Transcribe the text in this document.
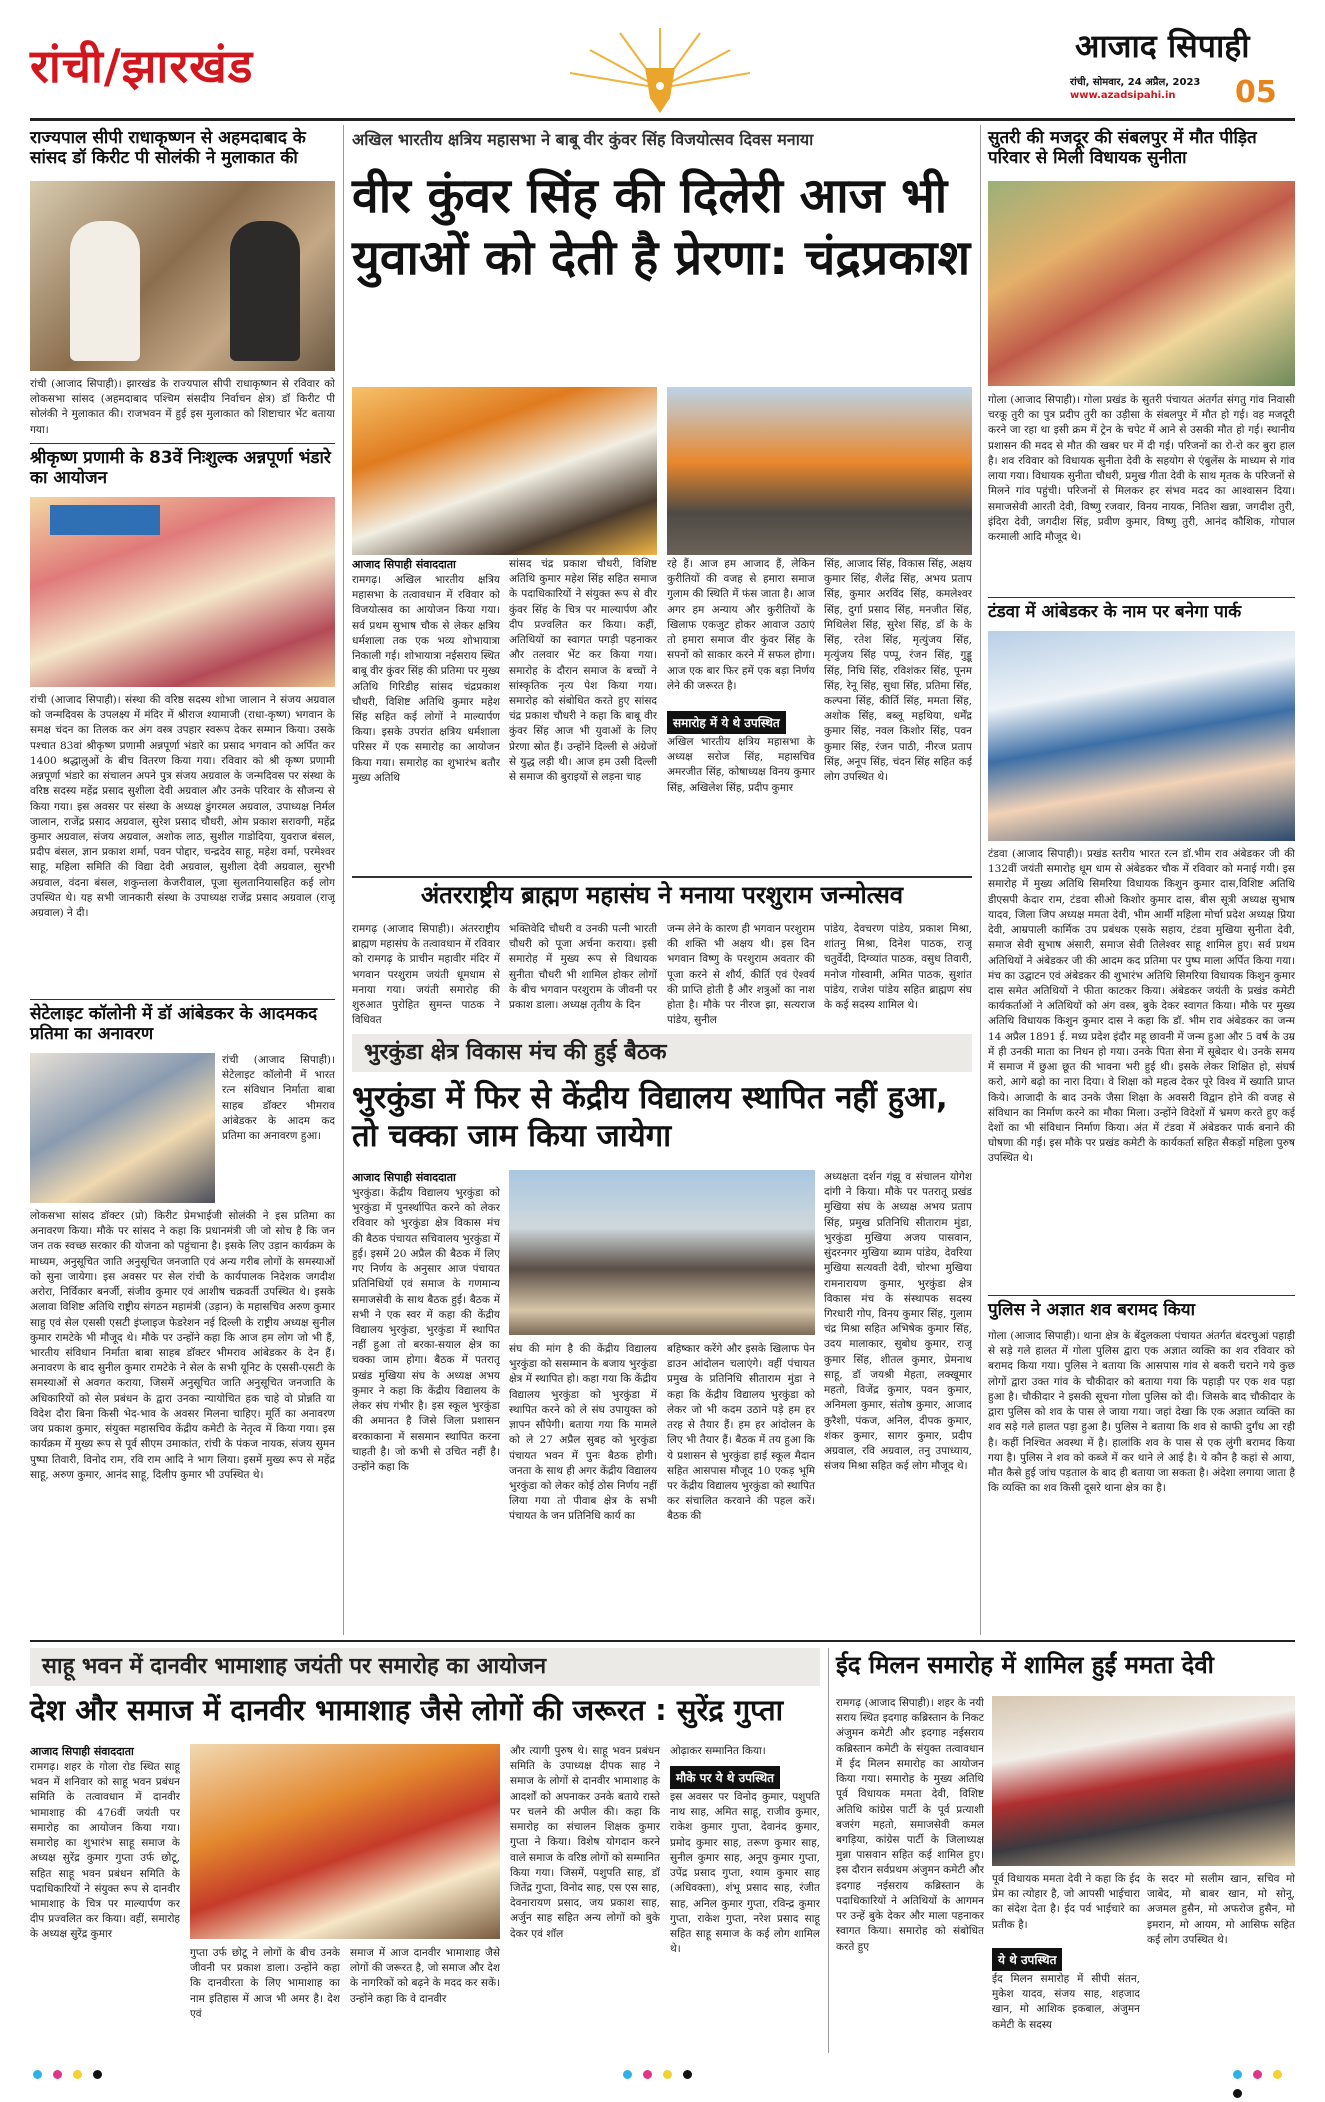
रांची/झारखंड	आजाद सिपाही
रांची, सोमवार, 24 अप्रैल, 2023
www.azadsipahi.in 05
राज्यपाल सीपी राधाकृष्णन से अहमदाबाद के सांसद डॉ किरीट पी सोलंकी ने मुलाकात की
रांची (आजाद सिपाही)। झारखंड के राज्यपाल सीपी राधाकृष्णन से रविवार को लोकसभा सांसद (अहमदाबाद पश्चिम संसदीय निर्वाचन क्षेत्र) डॉ किरीट पी सोलंकी ने मुलाकात की। राजभवन में हुई इस मुलाकात को शिष्टाचार भेंट बताया गया।
श्रीकृष्ण प्रणामी के 83वें निःशुल्क अन्नपूर्णा भंडारे का आयोजन
रांची (आजाद सिपाही)। संस्था की वरिष्ठ सदस्य शोभा जालान ने संजय अग्रवाल को जन्मदिवस के उपलक्ष्य में मंदिर में श्रीराज श्यामाजी (राधा-कृष्ण) भगवान के समक्ष चंदन का तिलक कर अंग वस्त्र उपहार स्वरूप देकर सम्मान किया। उसके पश्चात 83वां श्रीकृष्ण प्रणामी अन्नपूर्णा भंडारे का प्रसाद भगवान को अर्पित कर 1400 श्रद्धालुओं के बीच वितरण किया गया। रविवार को श्री कृष्ण प्रणामी अन्नपूर्णा भंडारे का संचालन अपने पुत्र संजय अग्रवाल के जन्मदिवस पर संस्था के वरिष्ठ सदस्य महेंद्र प्रसाद सुशीला देवी अग्रवाल और उनके परिवार के सौजन्य से किया गया। इस अवसर पर संस्था के अध्यक्ष डुंगरमल अग्रवाल, उपाध्यक्ष निर्मल जालान, राजेंद्र प्रसाद अग्रवाल, सुरेश प्रसाद चौधरी, ओम प्रकाश सरावगी, महेंद्र कुमार अग्रवाल, संजय अग्रवाल, अशोक लाठ, सुशील गाडोदिया, युवराज बंसल, प्रदीप बंसल, ज्ञान प्रकाश शर्मा, पवन पोद्दार, चन्द्रदेव साहू, महेश वर्मा, परमेश्वर साहू, महिला समिति की विद्या देवी अग्रवाल, सुशीला देवी अग्रवाल, सुरभी अग्रवाल, वंदना बंसल, शकुन्तला केजरीवाल, पूजा सुलतानियासहित कई लोग उपस्थित थे। यह सभी जानकारी संस्था के उपाध्यक्ष राजेंद्र प्रसाद अग्रवाल (राजू अग्रवाल) ने दी।
सेटेलाइट कॉलोनी में डॉ आंबेडकर के आदमकद प्रतिमा का अनावरण
रांची (आजाद सिपाही)। सेटेलाइट कॉलोनी में भारत रत्न संविधान निर्माता बाबा साहब डॉक्टर भीमराव आंबेडकर के आदम कद प्रतिमा का अनावरण हुआ।
लोकसभा सांसद डॉक्टर (प्रो) किरीट प्रेमभाईजी सोलंकी ने इस प्रतिमा का अनावरण किया। मौके पर सांसद ने कहा कि प्रधानमंत्री जी जो सोच है कि जन जन तक स्वच्छ सरकार की योजना को पहुंचाना है। इसके लिए उड़ान कार्यक्रम के माध्यम, अनुसूचित जाति अनुसूचित जनजाति एवं अन्य गरीब लोगों के समस्याओं को सुना जायेगा। इस अवसर पर सेल रांची के कार्यपालक निदेशक जगदीश अरोरा, निर्विकार बनर्जी, संजीव कुमार एवं आशीष चक्रवर्ती उपस्थित थे। इसके अलावा विशिष्ट अतिथि राष्ट्रीय संगठन महामंत्री (उड़ान) के महासचिव अरुण कुमार साहु एवं सेल एससी एसटी इंप्लाइज फेडरेशन नई दिल्ली के राष्ट्रीय अध्यक्ष सुनील कुमार रामटेके भी मौजूद थे। मौके पर उन्होंने कहा कि आज हम लोग जो भी हैं, भारतीय संविधान निर्माता बाबा साहब डॉक्टर भीमराव आंबेडकर के देन हैं। अनावरण के बाद सुनील कुमार रामटेके ने सेल के सभी यूनिट के एससी-एसटी के समस्याओं से अवगत कराया, जिसमें अनुसूचित जाति अनुसूचित जनजाति के अधिकारियों को सेल प्रबंधन के द्वारा उनका न्यायोचित हक चाहे वो प्रोन्नति या विदेश दौरा बिना किसी भेद-भाव के अवसर मिलना चाहिए। मूर्ति का अनावरण जय प्रकाश कुमार, संयुक्त महासचिव केंद्रीय कमेटी के नेतृत्व में किया गया। इस कार्यक्रम में मुख्य रूप से पूर्व सीएम उमाकांत, रांची के पंकज नायक, संजय सुमन पुष्पा तिवारी, विनोद राम, रवि राम आदि ने भाग लिया। इसमें मुख्य रूप से महेंद्र साहू, अरुण कुमार, आनंद साहू, दिलीप कुमार भी उपस्थित थे।
अखिल भारतीय क्षत्रिय महासभा ने बाबू वीर कुंवर सिंह विजयोत्सव दिवस मनाया
वीर कुंवर सिंह की दिलेरी आज भी युवाओं को देती है प्रेरणा: चंद्रप्रकाश
आजाद सिपाही संवाददाता
रामगढ़। अखिल भारतीय क्षत्रिय महासभा के तत्वावधान में रविवार को विजयोत्सव का आयोजन किया गया। सर्व प्रथम सुभाष चौक से लेकर क्षत्रिय धर्मशाला तक एक भव्य शोभायात्रा निकाली गई। शोभायात्रा नईसराय स्थित बाबू वीर कुंवर सिंह की प्रतिमा पर मुख्य अतिथि गिरिडीह सांसद चंद्रप्रकाश चौधरी, विशिष्ट अतिथि कुमार महेश सिंह सहित कई लोगों ने माल्यार्पण किया। इसके उपरांत क्षत्रिय धर्मशाला परिसर में एक समारोह का आयोजन किया गया। समारोह का शुभारंभ बतौर मुख्य अतिथि
सांसद चंद्र प्रकाश चौधरी, विशिष्ट अतिथि कुमार महेश सिंह सहित समाज के पदाधिकारियों ने संयुक्त रूप से वीर कुंवर सिंह के चित्र पर माल्यार्पण और दीप प्रज्वलित कर किया। कहीं, अतिथियों का स्वागत पगड़ी पहनाकर और तलवार भेंट कर किया गया। समारोह के दौरान समाज के बच्चों ने सांस्कृतिक नृत्य पेश किया गया। समारोह को संबोधित करते हुए सांसद चंद्र प्रकाश चौधरी ने कहा कि बाबू वीर कुंवर सिंह आज भी युवाओं के लिए प्रेरणा स्रोत हैं। उन्होंने दिल्ली से अंग्रेजों से युद्ध लड़ी थी। आज हम उसी दिल्ली से समाज की बुराइयों से लड़ना चाह
रहे हैं। आज हम आजाद हैं, लेकिन कुरीतियों की वजह से हमारा समाज गुलाम की स्थिति में फंस जाता है। आज अगर हम अन्याय और कुरीतियों के खिलाफ एकजुट होकर आवाज उठाएं तो हमारा समाज वीर कुंवर सिंह के सपनों को साकार करने में सफल होगा। आज एक बार फिर हमें एक बड़ा निर्णय लेने की जरूरत है।
समारोह में ये थे उपस्थित
अखिल भारतीय क्षत्रिय महासभा के अध्यक्ष सरोज सिंह, महासचिव अमरजीत सिंह, कोषाध्यक्ष विनय कुमार सिंह, अखिलेश सिंह, प्रदीप कुमार
सिंह, आजाद सिंह, विकास सिंह, अक्षय कुमार सिंह, शैलेंद्र सिंह, अभय प्रताप सिंह, कुमार अरविंद सिंह, कमलेश्वर सिंह, दुर्गा प्रसाद सिंह, मनजीत सिंह, मिथिलेश सिंह, सुरेश सिंह, डॉ के के सिंह, रतेश सिंह, मृत्युंजय सिंह, मृत्युंजय सिंह पप्पू, रंजन सिंह, गुड्डू सिंह, निधि सिंह, रविशंकर सिंह, पूनम सिंह, रेनू सिंह, सुधा सिंह, प्रतिमा सिंह, कल्पना सिंह, कीर्ति सिंह, ममता सिंह, अशोक सिंह, बब्लू महथिया, धर्मेंद्र कुमार सिंह, नवल किशोर सिंह, पवन कुमार सिंह, रंजन पाठी, नीरज प्रताप सिंह, अनूप सिंह, चंदन सिंह सहित कई लोग उपस्थित थे।
अंतरराष्ट्रीय ब्राह्मण महासंघ ने मनाया परशुराम जन्मोत्सव
रामगढ़ (आजाद सिपाही)। अंतरराष्ट्रीय ब्राह्मण महासंघ के तत्वावधान में रविवार को रामगढ़ के प्राचीन महावीर मंदिर में भगवान परशुराम जयंती धूमधाम से मनाया गया। जयंती समारोह की शुरुआत पुरोहित सुमन्त पाठक ने विधिवत
भक्तिवेदि चौधरी व उनकी पत्नी भारती चौधरी को पूजा अर्चना कराया। इसी समारोह में मुख्य रूप से विधायक सुनीता चौधरी भी शामिल होकर लोगों के बीच भगवान परशुराम के जीवनी पर प्रकाश डाला। अध्यक्ष तृतीय के दिन
जन्म लेने के कारण ही भगवान परशुराम की शक्ति भी अक्षय थी। इस दिन भगवान विष्णु के परशुराम अवतार की पूजा करने से शौर्य, कीर्ति एवं ऐश्वर्य की प्राप्ति होती है और शत्रुओं का नाश होता है। मौके पर नीरज झा, सत्यराज पांडेय, सुनील
पांडेय, देवचरण पांडेय, प्रकाश मिश्रा, शांतनु मिश्रा, दिनेश पाठक, राजू चतुर्वेदी, दिग्व्यांत पाठक, वसुध तिवारी, मनोज गोस्वामी, अमित पाठक, सुशांत पांडेय, राजेश पांडेय सहित ब्राह्मण संघ के कई सदस्य शामिल थे।
भुरकुंडा क्षेत्र विकास मंच की हुई बैठक
भुरकुंडा में फिर से केंद्रीय विद्यालय स्थापित नहीं हुआ, तो चक्का जाम किया जायेगा
आजाद सिपाही संवाददाता
भुरकुंडा। केंद्रीय विद्यालय भुरकुंडा को भुरकुंडा में पुनर्स्थापित करने को लेकर रविवार को भुरकुंडा क्षेत्र विकास मंच की बैठक पंचायत सचिवालय भुरकुंडा में हुई। इसमें 20 अप्रैल की बैठक में लिए गए निर्णय के अनुसार आज पंचायत प्रतिनिधियों एवं समाज के गणमान्य समाजसेवी के साथ बैठक हुई। बैठक में सभी ने एक स्वर में कहा की केंद्रीय विद्यालय भुरकुंडा, भुरकुंडा में स्थापित नहीं हुआ तो बरका-सयाल क्षेत्र का चक्का जाम होगा। बैठक में पतरातू प्रखंड मुखिया संघ के अध्यक्ष अभय कुमार ने कहा कि केंद्रीय विद्यालय के लेकर संघ गंभीर है। इस स्कूल भुरकुंडा की अमानत है जिसे जिला प्रशासन बरकाकाना में ससमान स्थापित करना चाहती है। जो कभी से उचित नहीं है। उन्होंने कहा कि
संघ की मांग है की केंद्रीय विद्यालय भुरकुंडा को ससम्मान के बजाय भुरकुंडा क्षेत्र में स्थापित हो। कहा गया कि केंद्रीय विद्यालय भुरकुंडा को भुरकुंडा में स्थापित करने को ले संघ उपायुक्त को ज्ञापन सौंपेगी। बताया गया कि मामले को ले 27 अप्रैल सुबह को भुरकुंडा पंचायत भवन में पुनः बैठक होगी। जनता के साथ ही अगर केंद्रीय विद्यालय भुरकुंडा को लेकर कोई ठोस निर्णय नहीं लिया गया तो पीवाब क्षेत्र के सभी पंचायत के जन प्रतिनिधि कार्य का
बहिष्कार करेंगे और इसके खिलाफ पेन डाउन आंदोलन चलाएंगे। वहीं पंचायत प्रमुख के प्रतिनिधि सीताराम मुंडा ने कहा कि केंद्रीय विद्यालय भुरकुंडा को लेकर जो भी कदम उठाने पड़े हम हर तरह से तैयार हैं। हम हर आंदोलन के लिए भी तैयार हैं। बैठक में तय हुआ कि ये प्रशासन से भुरकुंडा हाई स्कूल मैदान सहित आसपास मौजूद 10 एकड़ भूमि पर केंद्रीय विद्यालय भुरकुंडा को स्थापित कर संचालित करवाने की पहल करें। बैठक की
अध्यक्षता दर्शन गंझू व संचालन योगेश दांगी ने किया। मौके पर पतरातू प्रखंड मुखिया संघ के अध्यक्ष अभय प्रताप सिंह, प्रमुख प्रतिनिधि सीताराम मुंडा, भुरकुंडा मुखिया अजय पासवान, सुंदरनगर मुखिया ब्याम पांडेय, देवरिया मुखिया सत्यवती देवी, चोरभा मुखिया रामनारायण कुमार, भुरकुंडा क्षेत्र विकास मंच के संस्थापक सदस्य गिरधारी गोप, विनय कुमार सिंह, गुलाम चंद्र मिश्रा सहित अभिषेक कुमार सिंह, उदय मालाकार, सुबोध कुमार, राजू कुमार सिंह, शीतल कुमार, प्रेमनाथ साहू, डॉ जयश्री मेहता, लक्खूमार महतो, विजेंद्र कुमार, पवन कुमार, अनिमला कुमार, संतोष कुमार, आजाद कुरैशी, पंकज, अनिल, दीपक कुमार, शंकर कुमार, सागर कुमार, प्रदीप अग्रवाल, रवि अग्रवाल, तनु उपाध्याय, संजय मिश्रा सहित कई लोग मौजूद थे।
सुतरी की मजदूर की संबलपुर में मौत पीड़ित परिवार से मिली विधायक सुनीता
गोला (आजाद सिपाही)। गोला प्रखंड के सुतरी पंचायत अंतर्गत संगतु गांव निवासी चरकू तुरी का पुत्र प्रदीप तुरी का उड़ीसा के संबलपुर में मौत हो गई। वह मजदूरी करने जा रहा था इसी क्रम में ट्रेन के चपेट में आने से उसकी मौत हो गई। स्थानीय प्रशासन की मदद से मौत की खबर घर में दी गई। परिजनों का रो-रो कर बुरा हाल है। शव रविवार को विधायक सुनीता देवी के सहयोग से एंबुलेंस के माध्यम से गांव लाया गया। विधायक सुनीता चौधरी, प्रमुख गीता देवी के साथ मृतक के परिजनों से मिलने गांव पहुंची। परिजनों से मिलकर हर संभव मदद का आश्वासन दिया। समाजसेवी आरती देवी, विष्णु रजवार, विनय नायक, नितिश खन्ना, जगदीश तुरी, इंदिरा देवी, जगदीश सिंह, प्रवीण कुमार, विष्णु तुरी, आनंद कौशिक, गोपाल करमाली आदि मौजूद थे।
टंडवा में आंबेडकर के नाम पर बनेगा पार्क
टंडवा (आजाद सिपाही)। प्रखंड स्तरीय भारत रत्न डॉ.भीम राव अंबेडकर जी की 132वीं जयंती समारोह धूम धाम से अंबेडकर चौक में रविवार को मनाई गयी। इस समारोह में मुख्य अतिथि सिमरिया विधायक किशुन कुमार दास,विशिष्ट अतिथि डीएसपी केदार राम, टंडवा सीओ किशोर कुमार दास, बीस सूत्री अध्यक्ष सुभाष यादव, जिला जिप अध्यक्ष ममता देवी, भीम आर्मी महिला मोर्चा प्रदेश अध्यक्ष प्रिया देवी, आम्रपाली कार्मिक उप प्रबंधक एसके सहाय, टंडवा मुखिया सुनीता देवी, समाज सेवी सुभाष अंसारी, समाज सेवी तिलेश्वर साहू शामिल हुए। सर्व प्रथम अतिथियों ने अंबेडकर जी की आदम कद प्रतिमा पर पुष्प माला अर्पित किया गया। मंच का उद्घाटन एवं अंबेडकर की शुभारंभ अतिथि सिमरिया विधायक किशुन कुमार दास समेत अतिथियों ने फीता काटकर किया। अंबेडकर जयंती के प्रखंड कमेटी कार्यकर्ताओं ने अतिथियों को अंग वस्त्र, बुके देकर स्वागत किया। मौके पर मुख्य अतिथि विधायक किशुन कुमार दास ने कहा कि डॉ. भीम राव अंबेडकर का जन्म 14 अप्रैल 1891 ई. मध्य प्रदेश इंदौर महू छावनी में जन्म हुआ और 5 वर्ष के उम्र में ही उनकी माता का निधन हो गया। उनके पिता सेना में सूबेदार थे। उनके समय में समाज में छुआ छूत की भावना भरी हुई थी। इसके लेकर शिक्षित हो, संघर्ष करो, आगे बढ़ो का नारा दिया। वे शिक्षा को महत्व देकर पूरे विश्व में ख्याति प्राप्त किये। आजादी के बाद उनके जैसा शिक्षा के अवसरी विद्वान होने की वजह से संविधान का निर्माण करने का मौका मिला। उन्होंने विदेशों में भ्रमण करते हुए कई देशों का भी संविधान निर्माण किया। अंत में टंडवा में अंबेडकर पार्क बनाने की घोषणा की गई। इस मौके पर प्रखंड कमेटी के कार्यकर्ता सहित सैकड़ों महिला पुरुष उपस्थित थे।
पुलिस ने अज्ञात शव बरामद किया
गोला (आजाद सिपाही)। थाना क्षेत्र के बेंदुलकला पंचायत अंतर्गत बंदरचुआं पहाड़ी से सड़े गले हालत में गोला पुलिस द्वारा एक अज्ञात व्यक्ति का शव रविवार को बरामद किया गया। पुलिस ने बताया कि आसपास गांव से बकरी चराने गये कुछ लोगों द्वारा उक्त गांव के चौकीदार को बताया गया कि पहाड़ी पर एक शव पड़ा हुआ है। चौकीदार ने इसकी सूचना गोला पुलिस को दी। जिसके बाद चौकीदार के द्वारा पुलिस को शव के पास ले जाया गया। जहां देखा कि एक अज्ञात व्यक्ति का शव सड़े गले हालत पड़ा हुआ है। पुलिस ने बताया कि शव से काफी दुर्गंध आ रही है। कहीं निश्चित अवस्था में है। हालांकि शव के पास से एक लुंगी बरामद किया गया है। पुलिस ने शव को कब्जे में कर थाने ले आई है। ये कौन है कहां से आया, मौत कैसे हुई जांच पड़ताल के बाद ही बताया जा सकता है। अंदेशा लगाया जाता है कि व्यक्ति का शव किसी दूसरे थाना क्षेत्र का है।
साहू भवन में दानवीर भामाशाह जयंती पर समारोह का आयोजन
देश और समाज में दानवीर भामाशाह जैसे लोगों की जरूरत : सुरेंद्र गुप्ता
आजाद सिपाही संवाददाता
रामगढ़। शहर के गोला रोड स्थित साहू भवन में शनिवार को साहू भवन प्रबंधन समिति के तत्वावधान में दानवीर भामाशाह की 476वीं जयंती पर समारोह का आयोजन किया गया। समारोह का शुभारंभ साहू समाज के अध्यक्ष सुरेंद्र कुमार गुप्ता उर्फ छोटू, सहित साहू भवन प्रबंधन समिति के पदाधिकारियों ने संयुक्त रूप से दानवीर भामाशाह के चित्र पर माल्यार्पण कर दीप प्रज्वलित कर किया। वहीं, समारोह के अध्यक्ष सुरेंद्र कुमार
गुप्ता उर्फ छोटू ने लोगों के बीच उनके जीवनी पर प्रकाश डाला। उन्होंने कहा कि दानवीरता के लिए भामाशाह का नाम इतिहास में आज भी अमर है। देश एवं
समाज में आज दानवीर भामाशाह जैसे लोगों की जरूरत है, जो समाज और देश के नागरिकों को बढ़ने के मदद कर सकें। उन्होंने कहा कि वे दानवीर
और त्यागी पुरुष थे। साहू भवन प्रबंधन समिति के उपाध्यक्ष दीपक साह ने समाज के लोगों से दानवीर भामाशाह के आदर्शों को अपनाकर उनके बताये रास्ते पर चलने की अपील की। कहा कि समारोह का संचालन शिक्षक कुमार गुप्ता ने किया। विशेष योगदान करने वाले समाज के वरिष्ठ लोगों को सम्मानित किया गया। जिसमें, पशुपति साह, डॉ जितेंद्र गुप्ता, विनोद साह, एस एस साह, देवनारायण प्रसाद, जय प्रकाश साह, अर्जुन साह सहित अन्य लोगों को बुके देकर एवं शॉल
ओढ़ाकर सम्मानित किया।
मौके पर ये थे उपस्थित
इस अवसर पर विनोद कुमार, पशुपति नाथ साह, अमित साहू, राजीव कुमार, राकेश कुमार गुप्ता, देवानंद कुमार, प्रमोद कुमार साह, तरूण कुमार साह, सुनील कुमार साह, अनूप कुमार गुप्ता, उपेंद्र प्रसाद गुप्ता, श्याम कुमार साह (अधिवक्ता), शंभू प्रसाद साह, रंजीत साह, अनिल कुमार गुप्ता, रविन्द्र कुमार गुप्ता, राकेश गुप्ता, नरेश प्रसाद साहू सहित साहू समाज के कई लोग शामिल थे।
ईद मिलन समारोह में शामिल हुईं ममता देवी
रामगढ़ (आजाद सिपाही)। शहर के नयी सराय स्थित इदगाह कब्रिस्तान के निकट अंजुमन कमेटी और इदगाह नईसराय कब्रिस्तान कमेटी के संयुक्त तत्वावधान में ईद मिलन समारोह का आयोजन किया गया। समारोह के मुख्य अतिथि पूर्व विधायक ममता देवी, विशिष्ट अतिथि कांग्रेस पार्टी के पूर्व प्रत्याशी बजरंग महतो, समाजसेवी कमल बगड़िया, कांग्रेस पार्टी के जिलाध्यक्ष मुन्ना पासवान सहित कई शामिल हुए। इस दौरान सर्वप्रथम अंजुमन कमेटी और इदगाह नईसराय कब्रिस्तान के पदाधिकारियों ने अतिथियों के आगमन पर उन्हें बुके देकर और माला पहनाकर स्वागत किया। समारोह को संबोधित करते हुए
पूर्व विधायक ममता देवी ने कहा कि ईद प्रेम का त्योहार है, जो आपसी भाईचारा का संदेश देता है। ईद पर्व भाईचारे का प्रतीक है।
ये थे उपस्थित
ईद मिलन समारोह में सीपी संतन, मुकेश यादव, संजय साह, शहजाद खान, मो आशिक इकबाल, अंजुमन कमेटी के सदस्य
के सदर मो सलीम खान, सचिव मो जाबेद, मो बाबर खान, मो सोनू, अजमल हुसैन, मो अफरोज हुसैन, मो इमरान, मो आयम, मो आसिफ सहित कई लोग उपस्थित थे।
